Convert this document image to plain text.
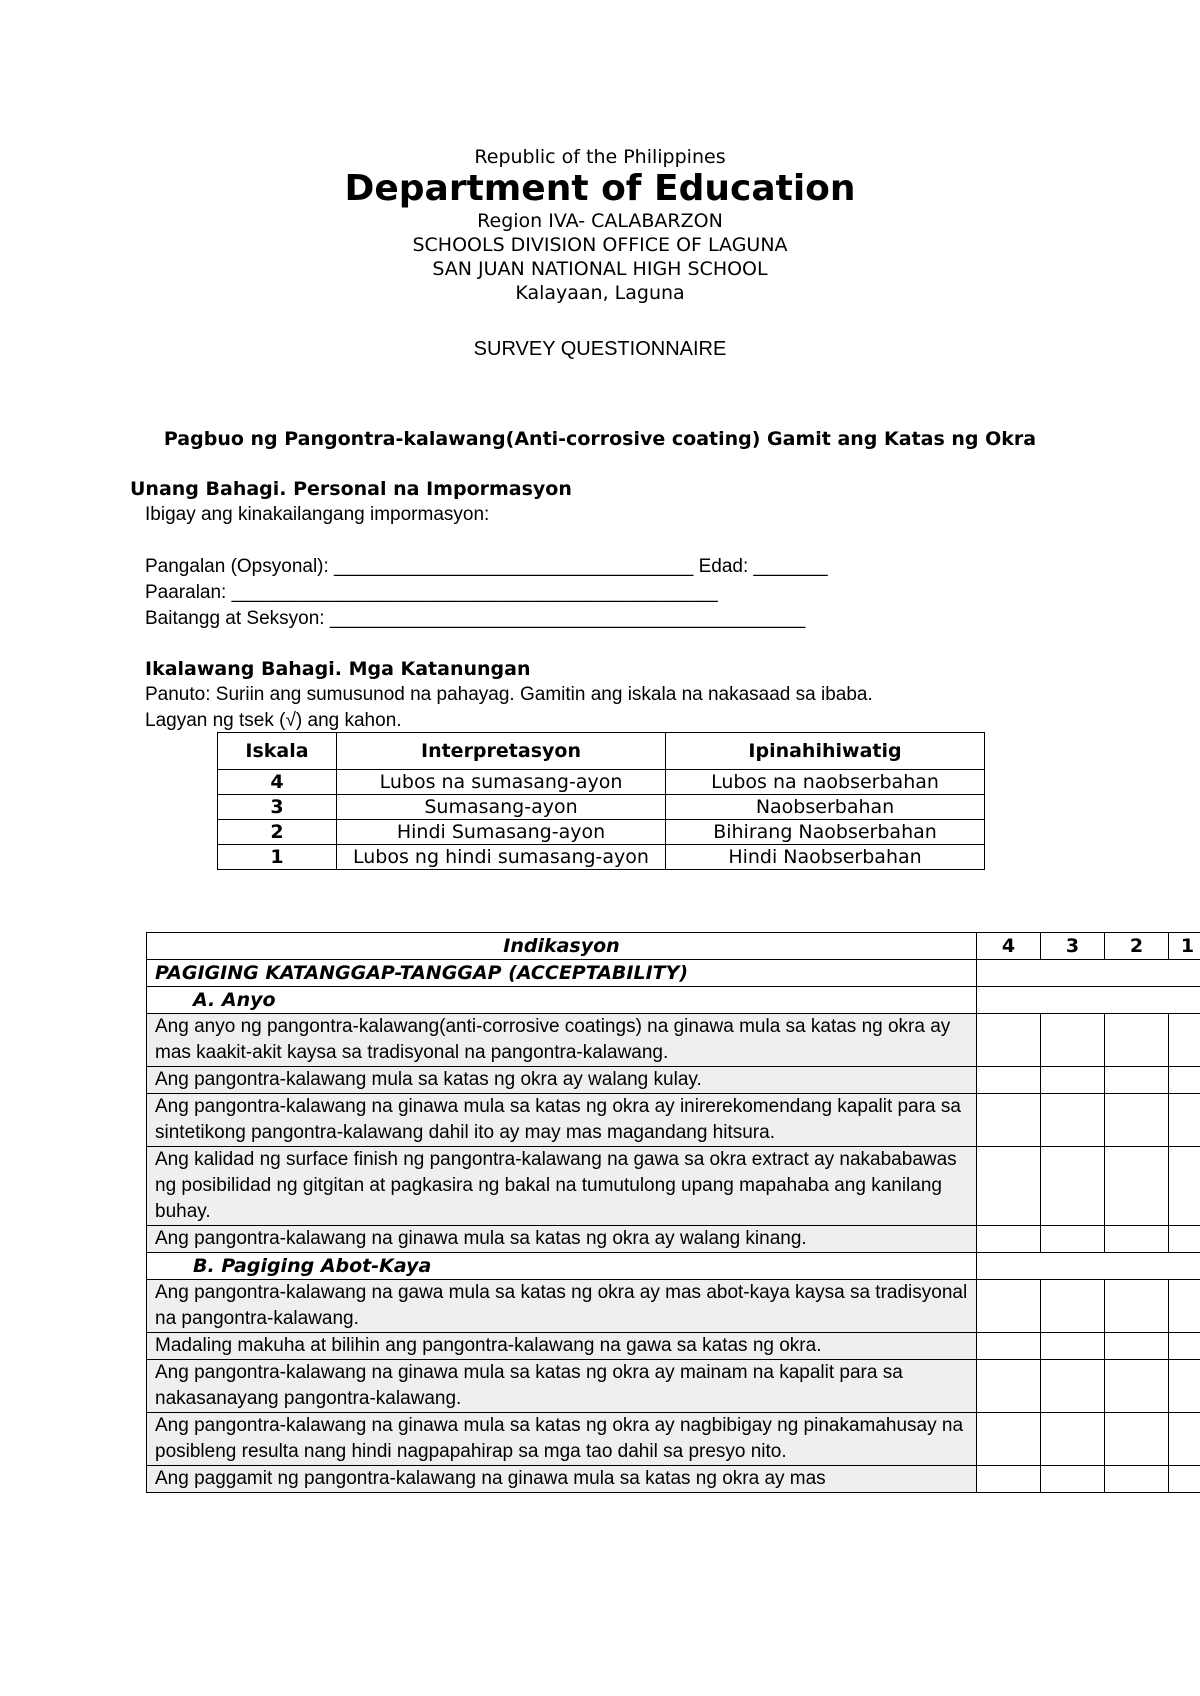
Republic of the Philippines
Department of Education
Region IVA- CALABARZON
SCHOOLS DIVISION OFFICE OF LAGUNA
SAN JUAN NATIONAL HIGH SCHOOL
Kalayaan, Laguna
SURVEY QUESTIONNAIRE
Pagbuo ng Pangontra-kalawang(Anti-corrosive coating) Gamit ang Katas ng Okra
Unang Bahagi. Personal na Impormasyon
Ibigay ang kinakailangang impormasyon:
Pangalan (Opsyonal): __________________________________ Edad: _______
Paaralan: ______________________________________________
Baitangg at Seksyon: _____________________________________________
Ikalawang Bahagi. Mga Katanungan
Panuto: Suriin ang sumusunod na pahayag. Gamitin ang iskala na nakasaad sa ibaba.
Lagyan ng tsek (√) ang kahon.
Iskala	Interpretasyon	Ipinahihiwatig
4	Lubos na sumasang-ayon	Lubos na naobserbahan
3	Sumasang-ayon	Naobserbahan
2	Hindi Sumasang-ayon	Bihirang Naobserbahan
1	Lubos ng hindi sumasang-ayon	Hindi Naobserbahan
Indikasyon	4	3	2	1
PAGIGING KATANGGAP-TANGGAP (ACCEPTABILITY)				
A. Anyo				
Ang anyo ng pangontra-kalawang(anti-corrosive coatings) na ginawa mula sa katas ng okra ay mas kaakit-akit kaysa sa tradisyonal na pangontra-kalawang.				
Ang pangontra-kalawang mula sa katas ng okra ay walang kulay.				
Ang pangontra-kalawang na ginawa mula sa katas ng okra ay inirerekomendang kapalit para sa sintetikong pangontra-kalawang dahil ito ay may mas magandang hitsura.				
Ang kalidad ng surface finish ng pangontra-kalawang na gawa sa okra extract ay nakababawas ng posibilidad ng gitgitan at pagkasira ng bakal na tumutulong upang mapahaba ang kanilang buhay.				
Ang pangontra-kalawang na ginawa mula sa katas ng okra ay walang kinang.				
B. Pagiging Abot-Kaya				
Ang pangontra-kalawang na gawa mula sa katas ng okra ay mas abot-kaya kaysa sa tradisyonal na pangontra-kalawang.				
Madaling makuha at bilihin ang pangontra-kalawang na gawa sa katas ng okra.				
Ang pangontra-kalawang na ginawa mula sa katas ng okra ay mainam na kapalit para sa nakasanayang pangontra-kalawang.				
Ang pangontra-kalawang na ginawa mula sa katas ng okra ay nagbibigay ng pinakamahusay na posibleng resulta nang hindi nagpapahirap sa mga tao dahil sa presyo nito.				
Ang paggamit ng pangontra-kalawang na ginawa mula sa katas ng okra ay mas				
